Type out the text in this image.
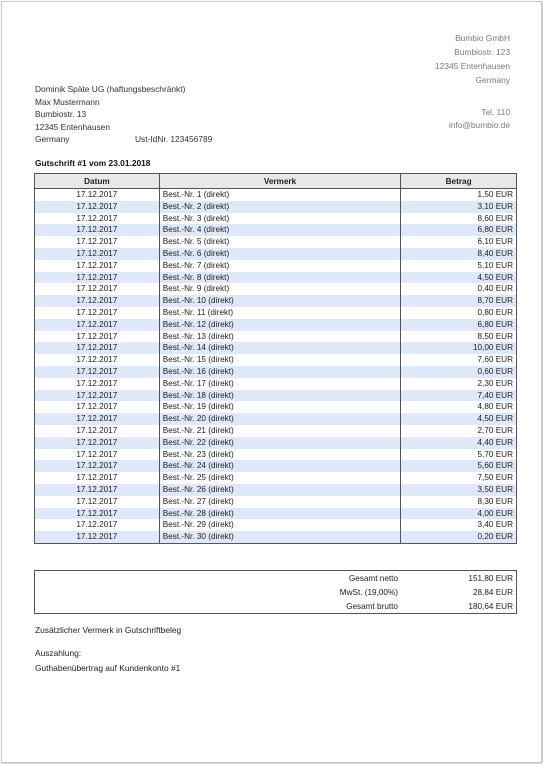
Bumbio GmbH
Bumbiostr. 123
12345 Entenhausen
Germany
Dominik Späte UG (haftungsbeschränkt)
Max Mustermann
Bumbiostr. 13
12345 Entenhausen
Germany	Ust-IdNr. 123456789
Tel. 110
info@bumbio.de
Gutschrift #1 vom 23.01.2018
Datum	Vermerk	Betrag
17.12.2017	Best.-Nr. 1 (direkt)	1,50 EUR
17.12.2017	Best.-Nr. 2 (direkt)	3,10 EUR
17.12.2017	Best.-Nr. 3 (direkt)	8,60 EUR
17.12.2017	Best.-Nr. 4 (direkt)	6,80 EUR
17.12.2017	Best.-Nr. 5 (direkt)	6,10 EUR
17.12.2017	Best.-Nr. 6 (direkt)	8,40 EUR
17.12.2017	Best.-Nr. 7 (direkt)	5,10 EUR
17.12.2017	Best.-Nr. 8 (direkt)	4,50 EUR
17.12.2017	Best.-Nr. 9 (direkt)	0,40 EUR
17.12.2017	Best.-Nr. 10 (direkt)	8,70 EUR
17.12.2017	Best.-Nr. 11 (direkt)	0,80 EUR
17.12.2017	Best.-Nr. 12 (direkt)	6,80 EUR
17.12.2017	Best.-Nr. 13 (direkt)	8,50 EUR
17.12.2017	Best.-Nr. 14 (direkt)	10,00 EUR
17.12.2017	Best.-Nr. 15 (direkt)	7,60 EUR
17.12.2017	Best.-Nr. 16 (direkt)	0,60 EUR
17.12.2017	Best.-Nr. 17 (direkt)	2,30 EUR
17.12.2017	Best.-Nr. 18 (direkt)	7,40 EUR
17.12.2017	Best.-Nr. 19 (direkt)	4,80 EUR
17.12.2017	Best.-Nr. 20 (direkt)	4,50 EUR
17.12.2017	Best.-Nr. 21 (direkt)	2,70 EUR
17.12.2017	Best.-Nr. 22 (direkt)	4,40 EUR
17.12.2017	Best.-Nr. 23 (direkt)	5,70 EUR
17.12.2017	Best.-Nr. 24 (direkt)	5,60 EUR
17.12.2017	Best.-Nr. 25 (direkt)	7,50 EUR
17.12.2017	Best.-Nr. 26 (direkt)	3,50 EUR
17.12.2017	Best.-Nr. 27 (direkt)	8,30 EUR
17.12.2017	Best.-Nr. 28 (direkt)	4,00 EUR
17.12.2017	Best.-Nr. 29 (direkt)	3,40 EUR
17.12.2017	Best.-Nr. 30 (direkt)	0,20 EUR
Gesamt netto	151,80 EUR
MwSt. (19,00%)	28,84 EUR
Gesamt brutto	180,64 EUR
Zusätzlicher Vermerk in Gutschriftbeleg
Auszahlung:
Guthabenübertrag auf Kundenkonto #1
